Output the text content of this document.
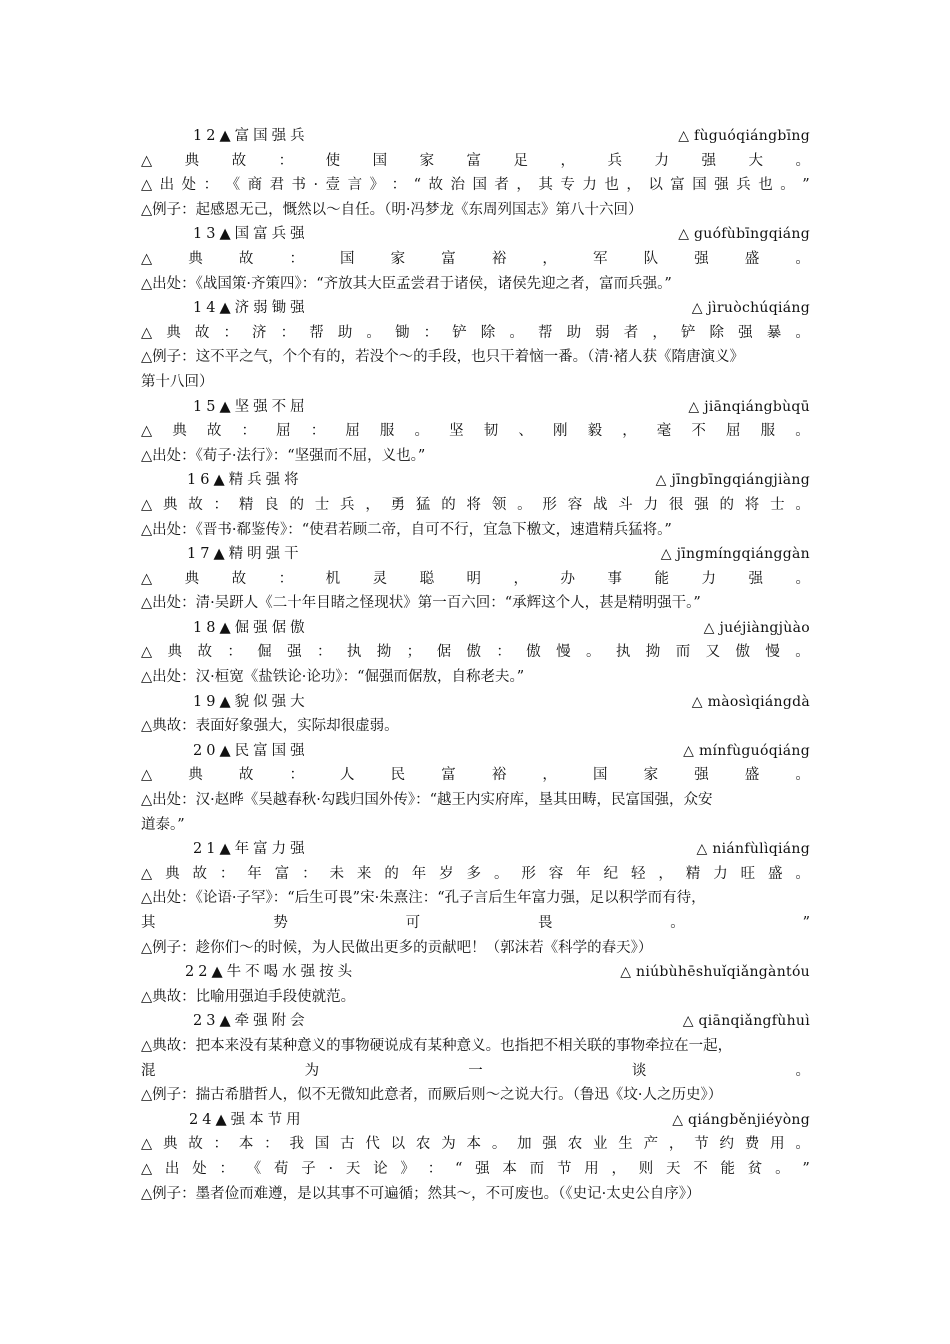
12▲富国强兵	△ fùguóqiángbīng
△ 典 故 ： 使 国 家 富 足 ， 兵 力 强 大 。
△ 出 处 ： 《 商 君 书 · 壹 言 》 ： “ 故 治 国 者 ， 其 专 力 也 ， 以 富 国 强 兵 也 。 ”
△例子：起感恩无己，慨然以～自任。（明·冯梦龙《东周列国志》第八十六回）
13▲国富兵强	△ guófùbīngqiáng
△ 典 故 ： 国 家 富 裕 ， 军 队 强 盛 。
△出处：《战国策·齐策四》：“齐放其大臣孟尝君于诸侯，诸侯先迎之者，富而兵强。”
14▲济弱锄强	△ jìruòchúqiáng
△ 典 故 ： 济 ： 帮 助 。 锄 ： 铲 除 。 帮 助 弱 者 ， 铲 除 强 暴 。
△例子：这不平之气，个个有的，若没个～的手段，也只干着恼一番。（清·褚人获《隋唐演义》
第十八回）
15▲坚强不屈	△ jiānqiángbùqū
△ 典 故 ： 屈 ： 屈 服 。 坚 韧 、 刚 毅 ， 毫 不 屈 服 。
△出处：《荀子·法行》：“坚强而不屈，义也。”
16▲精兵强将	△ jīngbīngqiángjiàng
△ 典 故 ： 精 良 的 士 兵 ， 勇 猛 的 将 领 。 形 容 战 斗 力 很 强 的 将 士 。
△出处：《晋书·郗鉴传》：“使君若顾二帝，自可不行，宜急下檄文，速遣精兵猛将。”
17▲精明强干	△ jīngmíngqiánggàn
△ 典 故 ： 机 灵 聪 明 ， 办 事 能 力 强 。
△出处：清·吴趼人《二十年目睹之怪现状》第一百六回：“承辉这个人，甚是精明强干。”
18▲倔强倨傲	△ juéjiàngjùào
△ 典 故 ： 倔 强 ： 执 拗 ； 倨 傲 ： 傲 慢 。 执 拗 而 又 傲 慢 。
△出处：汉·桓宽《盐铁论·论功》：“倔强而倨敖，自称老夫。”
19▲貌似强大	△ màosìqiángdà
△典故：表面好象强大，实际却很虚弱。
20▲民富国强	△ mínfùguóqiáng
△ 典 故 ： 人 民 富 裕 ， 国 家 强 盛 。
△出处：汉·赵晔《吴越春秋·勾践归国外传》：“越王内实府库，垦其田畴，民富国强，众安
道泰。”
21▲年富力强	△ niánfùlìqiáng
△ 典 故 ： 年 富 ： 未 来 的 年 岁 多 。 形 容 年 纪 轻 ， 精 力 旺 盛 。
△出处：《论语·子罕》：“后生可畏”宋·朱熹注：“孔子言后生年富力强，足以积学而有待，
其	势	可	畏	。	”
△例子：趁你们～的时候，为人民做出更多的贡献吧！（郭沫若《科学的春天》）
22▲牛不喝水强按头	△ niúbùhēshuǐqiǎngàntóu
△典故：比喻用强迫手段使就范。
23▲牵强附会	△ qiānqiǎngfùhuì
△典故：把本来没有某种意义的事物硬说成有某种意义。也指把不相关联的事物牵拉在一起，
混	为	一	谈	。
△例子：揣古希腊哲人，似不无微知此意者，而厥后则～之说大行。（鲁迅《坟·人之历史》）
24▲强本节用	△ qiángběnjiéyòng
△ 典 故 ： 本 ： 我 国 古 代 以 农 为 本 。 加 强 农 业 生 产 ， 节 约 费 用 。
△ 出 处 ： 《 荀 子 · 天 论 》 ： “ 强 本 而 节 用 ， 则 天 不 能 贫 。 ”
△例子：墨者俭而难遵，是以其事不可遍循；然其～，不可废也。（《史记·太史公自序》）
